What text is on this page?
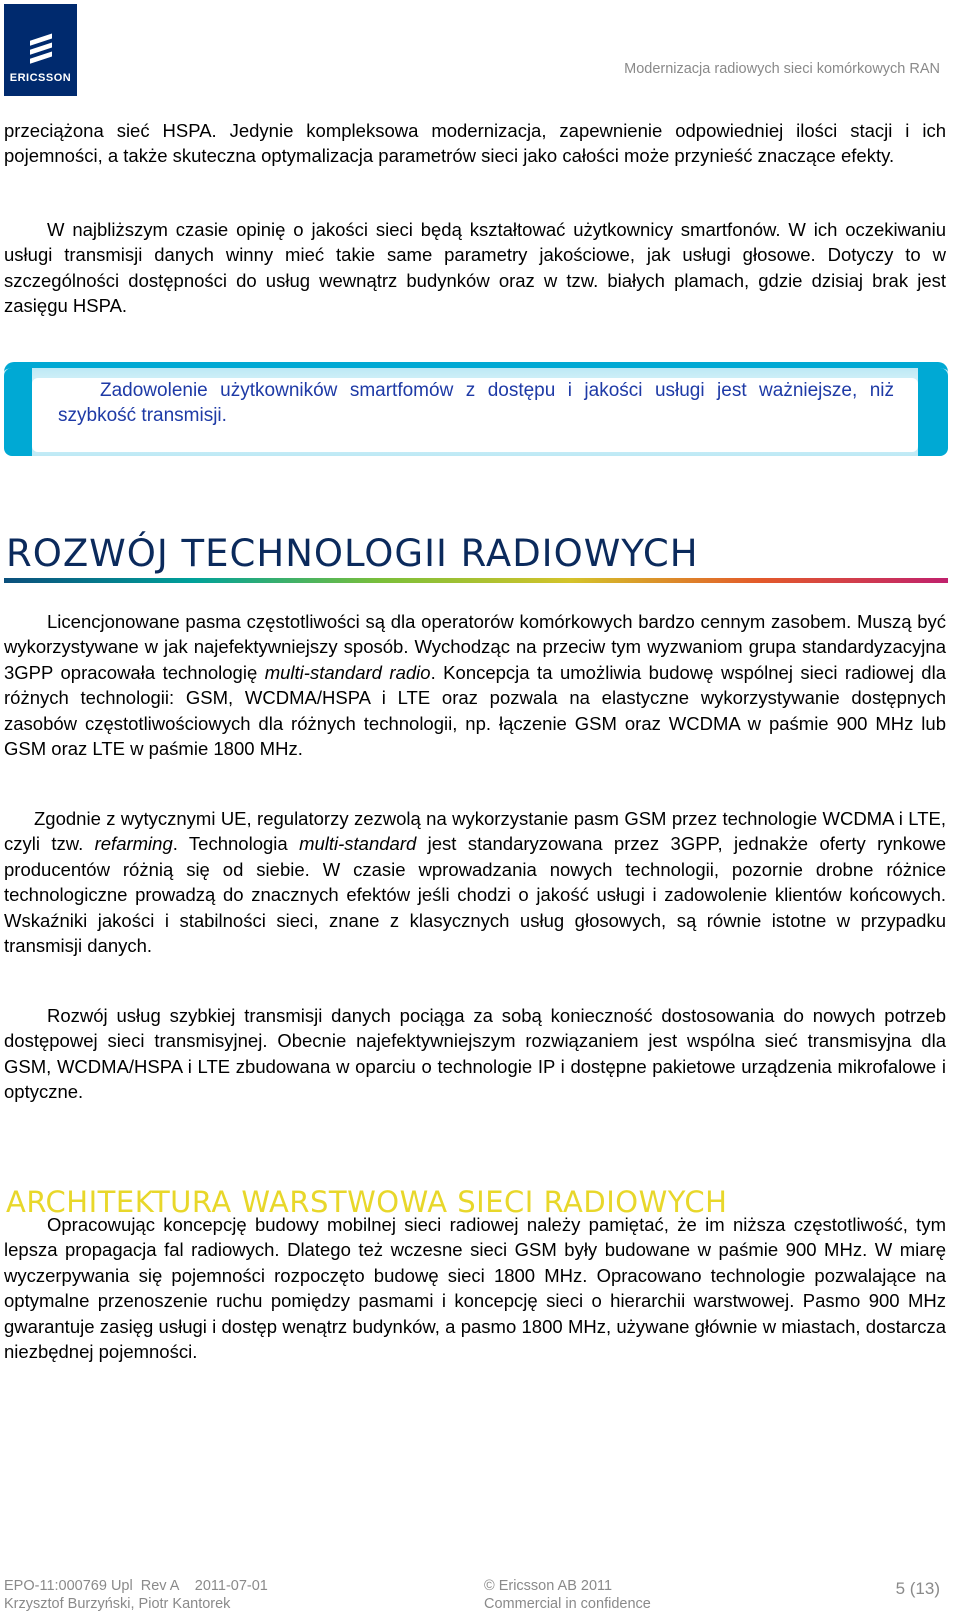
ERICSSON
Modernizacja radiowych sieci komórkowych RAN

przeciążona sieć HSPA. Jedynie kompleksowa modernizacja, zapewnienie odpowiedniej ilości stacji i ich pojemności, a także skuteczna optymalizacja parametrów sieci jako całości może przynieść znaczące efekty.

W najbliższym czasie opinię o jakości sieci będą kształtować użytkownicy smartfonów. W ich oczekiwaniu usługi transmisji danych winny mieć takie same parametry jakościowe, jak usługi głosowe. Dotyczy to w szczególności dostępności do usług wewnątrz budynków oraz w tzw. białych plamach, gdzie dzisiaj brak jest zasięgu HSPA.

Zadowolenie użytkowników smartfomów z dostępu i jakości usługi jest ważniejsze, niż szybkość transmisji.

ROZWÓJ TECHNOLOGII RADIOWYCH

Licencjonowane pasma częstotliwości są dla operatorów komórkowych bardzo cennym zasobem. Muszą być wykorzystywane w jak najefektywniejszy sposób. Wychodząc na przeciw tym wyzwaniom grupa standardyzacyjna 3GPP opracowała technologię multi-standard radio. Koncepcja ta umożliwia budowę wspólnej sieci radiowej dla różnych technologii: GSM, WCDMA/HSPA i LTE oraz pozwala na elastyczne wykorzystywanie dostępnych zasobów częstotliwościowych dla różnych technologii, np. łączenie GSM oraz WCDMA w paśmie 900 MHz lub GSM oraz LTE w paśmie 1800 MHz.

Zgodnie z wytycznymi UE, regulatorzy zezwolą na wykorzystanie pasm GSM przez technologie WCDMA i LTE, czyli tzw. refarming. Technologia multi-standard jest standaryzowana przez 3GPP, jednakże oferty rynkowe producentów różnią się od siebie. W czasie wprowadzania nowych technologii, pozornie drobne różnice technologiczne prowadzą do znacznych efektów jeśli chodzi o jakość usługi i zadowolenie klientów końcowych. Wskaźniki jakości i stabilności sieci, znane z klasycznych usług głosowych, są równie istotne w przypadku transmisji danych.

Rozwój usług szybkiej transmisji danych pociąga za sobą konieczność dostosowania do nowych potrzeb dostępowej sieci transmisyjnej. Obecnie najefektywniejszym rozwiązaniem jest wspólna sieć transmisyjna dla GSM, WCDMA/HSPA i LTE zbudowana w oparciu o technologie IP i dostępne pakietowe urządzenia mikrofalowe i optyczne.

ARCHITEKTURA WARSTWOWA SIECI RADIOWYCH

Opracowując koncepcję budowy mobilnej sieci radiowej należy pamiętać, że im niższa częstotliwość, tym lepsza propagacja fal radiowych. Dlatego też wczesne sieci GSM były budowane w paśmie 900 MHz. W miarę wyczerpywania się pojemności rozpoczęto budowę sieci 1800 MHz. Opracowano technologie pozwalające na optymalne przenoszenie ruchu pomiędzy pasmami i koncepcję sieci o hierarchii warstwowej. Pasmo 900 MHz gwarantuje zasięg usługi i dostęp wenątrz budynków, a pasmo 1800 MHz, używane głównie w miastach, dostarcza niezbędnej pojemności.

EPO-11:000769 Upl  Rev A    2011-07-01
Krzysztof Burzyński, Piotr Kantorek
© Ericsson AB 2011
Commercial in confidence
5 (13)
